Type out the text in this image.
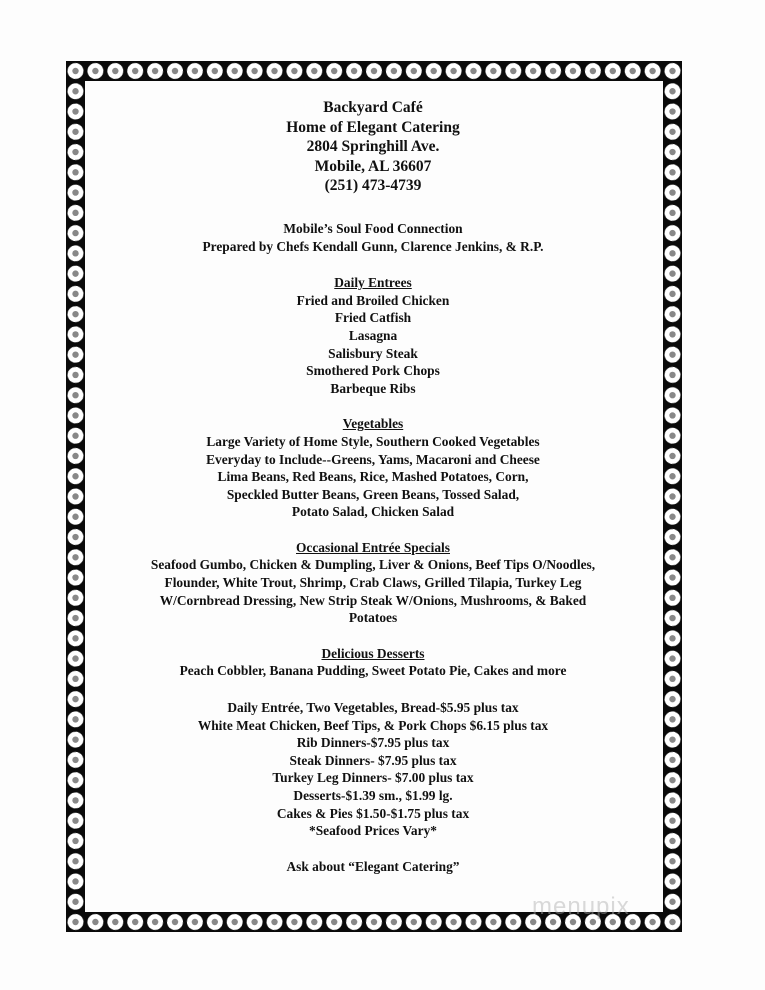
Backyard Café
Home of Elegant Catering
2804 Springhill Ave.
Mobile, AL 36607
(251) 473-4739
Mobile’s Soul Food Connection
Prepared by Chefs Kendall Gunn, Clarence Jenkins, & R.P.
Daily Entrees
Fried and Broiled Chicken
Fried Catfish
Lasagna
Salisbury Steak
Smothered Pork Chops
Barbeque Ribs
Vegetables
Large Variety of Home Style, Southern Cooked Vegetables
Everyday to Include--Greens, Yams, Macaroni and Cheese
Lima Beans, Red Beans, Rice, Mashed Potatoes, Corn,
Speckled Butter Beans, Green Beans, Tossed Salad,
Potato Salad, Chicken Salad
Occasional Entrée Specials
Seafood Gumbo, Chicken & Dumpling, Liver & Onions, Beef Tips O/Noodles,
Flounder, White Trout, Shrimp, Crab Claws, Grilled Tilapia, Turkey Leg
W/Cornbread Dressing, New Strip Steak W/Onions, Mushrooms, & Baked
Potatoes
Delicious Desserts
Peach Cobbler, Banana Pudding, Sweet Potato Pie, Cakes and more
Daily Entrée, Two Vegetables, Bread-$5.95 plus tax
White Meat Chicken, Beef Tips, & Pork Chops $6.15 plus tax
Rib Dinners-$7.95 plus tax
Steak Dinners- $7.95 plus tax
Turkey Leg Dinners- $7.00 plus tax
Desserts-$1.39 sm., $1.99 lg.
Cakes & Pies $1.50-$1.75 plus tax
*Seafood Prices Vary*
Ask about “Elegant Catering”
menupix
